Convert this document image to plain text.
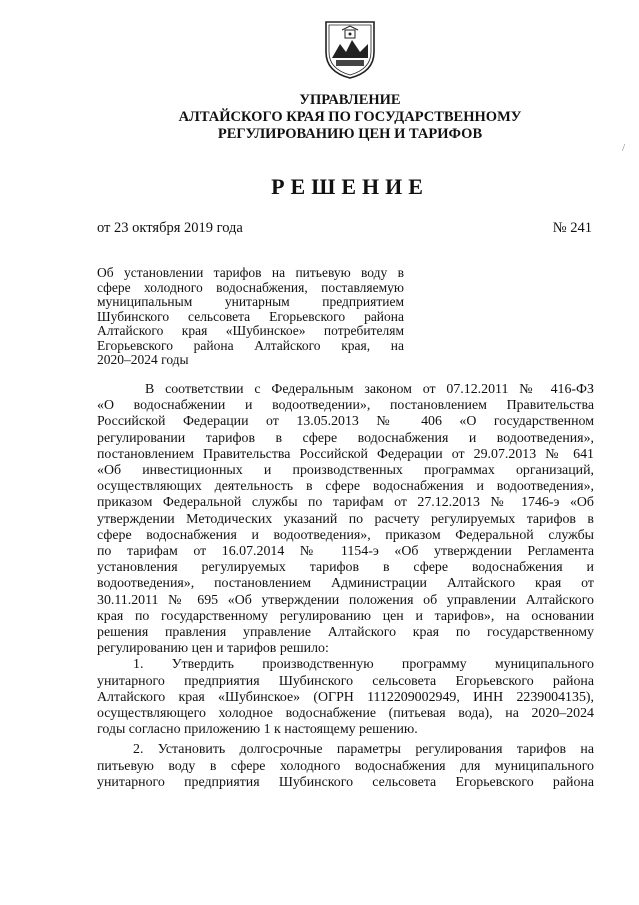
УПРАВЛЕНИЕ
АЛТАЙСКОГО КРАЯ ПО ГОСУДАРСТВЕННОМУ
РЕГУЛИРОВАНИЮ ЦЕН И ТАРИФОВ
/
РЕШЕНИЕ
от 23 октября 2019 года	№ 241
Об установлении тарифов на питьевую воду в
сфере холодного водоснабжения, поставляемую
муниципальным унитарным предприятием
Шубинского сельсовета Егорьевского района
Алтайского края «Шубинское» потребителям
Егорьевского района Алтайского края, на
2020–2024 годы
В соответствии с Федеральным законом от 07.12.2011 № 416-ФЗ
«О водоснабжении и водоотведении», постановлением Правительства
Российской Федерации от 13.05.2013 № 406 «О государственном
регулировании тарифов в сфере водоснабжения и водоотведения»,
постановлением Правительства Российской Федерации от 29.07.2013 № 641
«Об инвестиционных и производственных программах организаций,
осуществляющих деятельность в сфере водоснабжения и водоотведения»,
приказом Федеральной службы по тарифам от 27.12.2013 № 1746-э «Об
утверждении Методических указаний по расчету регулируемых тарифов в
сфере водоснабжения и водоотведения», приказом Федеральной службы
по тарифам от 16.07.2014 № 1154-э «Об утверждении Регламента
установления регулируемых тарифов в сфере водоснабжения и
водоотведения», постановлением Администрации Алтайского края от
30.11.2011 № 695 «Об утверждении положения об управлении Алтайского
края по государственному регулированию цен и тарифов», на основании
решения правления управление Алтайского края по государственному
регулированию цен и тарифов решило:
1. Утвердить производственную программу муниципального
унитарного предприятия Шубинского сельсовета Егорьевского района
Алтайского края «Шубинское» (ОГРН 1112209002949, ИНН 2239004135),
осуществляющего холодное водоснабжение (питьевая вода), на 2020–2024
годы согласно приложению 1 к настоящему решению.
2. Установить долгосрочные параметры регулирования тарифов на
питьевую воду в сфере холодного водоснабжения для муниципального
унитарного предприятия Шубинского сельсовета Егорьевского района
